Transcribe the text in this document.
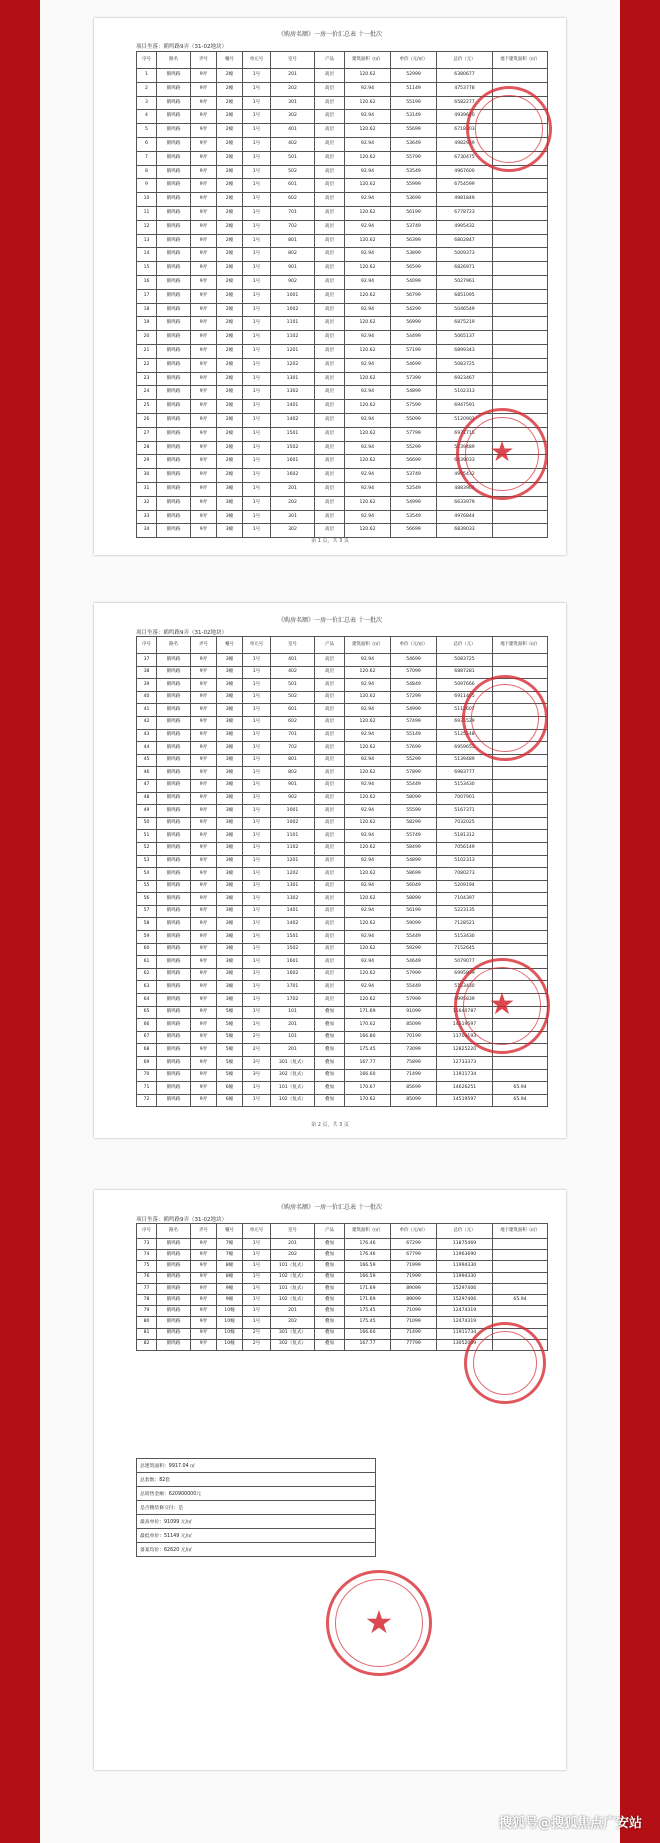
《购房名额》一房一价汇总表 十一批次
项目坐落：鹤鸣路9弄（31-02地块）
序号	路名	弄号	幢号	单元号	室号	产品	建筑面积（㎡）	单价（元/㎡）	总价（元）	地下建筑面积（㎡）
1	鹤鸣路	9弄	2幢	1号	201	高层	120.62	52999	6380677	
2	鹤鸣路	9弄	2幢	1号	202	高层	92.94	51149	4753778	
3	鹤鸣路	9弄	2幢	1号	301	高层	120.62	55199	6582277	
4	鹤鸣路	9弄	2幢	1号	302	高层	92.94	53149	4939640	
5	鹤鸣路	9弄	2幢	1号	401	高层	120.62	55699	6718303	
6	鹤鸣路	9弄	2幢	1号	402	高层	92.94	53649	4982939	
7	鹤鸣路	9弄	2幢	1号	501	高层	120.62	55799	6730475	
8	鹤鸣路	9弄	2幢	1号	502	高层	92.94	53549	4967600	
9	鹤鸣路	9弄	2幢	1号	601	高层	120.62	55999	6754599	
10	鹤鸣路	9弄	2幢	1号	602	高层	92.94	53699	4981849	
11	鹤鸣路	9弄	2幢	1号	701	高层	120.62	56199	6778723	
12	鹤鸣路	9弄	2幢	1号	702	高层	92.94	53749	4995432	
13	鹤鸣路	9弄	2幢	1号	801	高层	120.62	56399	6802847	
14	鹤鸣路	9弄	2幢	1号	802	高层	92.94	53899	5009373	
15	鹤鸣路	9弄	2幢	1号	901	高层	120.62	56599	6826971	
16	鹤鸣路	9弄	2幢	1号	902	高层	92.94	54099	5027961	
17	鹤鸣路	9弄	2幢	1号	1001	高层	120.62	56799	6851095	
18	鹤鸣路	9弄	2幢	1号	1002	高层	92.94	54299	5046549	
19	鹤鸣路	9弄	2幢	1号	1101	高层	120.62	56999	6875219	
20	鹤鸣路	9弄	2幢	1号	1102	高层	92.94	54499	5065137	
21	鹤鸣路	9弄	2幢	1号	1201	高层	120.62	57199	6899343	
22	鹤鸣路	9弄	2幢	1号	1202	高层	92.94	54699	5083725	
23	鹤鸣路	9弄	2幢	1号	1301	高层	120.62	57399	6923467	
24	鹤鸣路	9弄	2幢	1号	1302	高层	92.94	54899	5102313	
25	鹤鸣路	9弄	2幢	1号	1401	高层	120.62	57599	6947591	
26	鹤鸣路	9弄	2幢	1号	1402	高层	92.94	55099	5120901	
27	鹤鸣路	9弄	2幢	1号	1501	高层	120.62	57799	6971715	
28	鹤鸣路	9弄	2幢	1号	1502	高层	92.94	55299	5139489	
29	鹤鸣路	9弄	2幢	1号	1601	高层	120.62	56699	6839033	
30	鹤鸣路	9弄	2幢	1号	1602	高层	92.94	53749	4995432	
31	鹤鸣路	9弄	3幢	1号	201	高层	92.94	52549	4883904	
32	鹤鸣路	9弄	3幢	1号	202	高层	120.62	54999	6633979	
33	鹤鸣路	9弄	3幢	1号	301	高层	92.94	53549	4976844	
34	鹤鸣路	9弄	3幢	1号	302	高层	120.62	56699	6839033	
第 1 页，共 3 页
★
《购房名额》一房一价汇总表 十一批次
项目坐落：鹤鸣路9弄（31-02地块）
序号	路名	弄号	幢号	单元号	室号	产品	建筑面积（㎡）	单价（元/㎡）	总价（元）	地下建筑面积（㎡）
37	鹤鸣路	9弄	3幢	1号	401	高层	92.94	54699	5083725	
38	鹤鸣路	9弄	3幢	1号	402	高层	120.62	57099	6887281	
39	鹤鸣路	9弄	3幢	1号	501	高层	92.94	54849	5097666	
40	鹤鸣路	9弄	3幢	1号	502	高层	120.62	57299	6911405	
41	鹤鸣路	9弄	3幢	1号	601	高层	92.94	54999	5111607	
42	鹤鸣路	9弄	3幢	1号	602	高层	120.62	57499	6935529	
43	鹤鸣路	9弄	3幢	1号	701	高层	92.94	55149	5125548	
44	鹤鸣路	9弄	3幢	1号	702	高层	120.62	57699	6959653	
45	鹤鸣路	9弄	3幢	1号	801	高层	92.94	55299	5139489	
46	鹤鸣路	9弄	3幢	1号	802	高层	120.62	57899	6983777	
47	鹤鸣路	9弄	3幢	1号	901	高层	92.94	55449	5153430	
48	鹤鸣路	9弄	3幢	1号	902	高层	120.62	58099	7007901	
49	鹤鸣路	9弄	3幢	1号	1001	高层	92.94	55599	5167371	
50	鹤鸣路	9弄	3幢	1号	1002	高层	120.62	58299	7032025	
51	鹤鸣路	9弄	3幢	1号	1101	高层	92.94	55749	5181312	
52	鹤鸣路	9弄	3幢	1号	1102	高层	120.62	58499	7056149	
53	鹤鸣路	9弄	3幢	1号	1201	高层	92.94	54899	5102313	
54	鹤鸣路	9弄	3幢	1号	1202	高层	120.62	58699	7080273	
55	鹤鸣路	9弄	3幢	1号	1301	高层	92.94	56049	5209194	
56	鹤鸣路	9弄	3幢	1号	1302	高层	120.62	58899	7104397	
57	鹤鸣路	9弄	3幢	1号	1401	高层	92.94	56199	5223135	
58	鹤鸣路	9弄	3幢	1号	1402	高层	120.62	59099	7128521	
59	鹤鸣路	9弄	3幢	1号	1501	高层	92.94	55449	5153430	
60	鹤鸣路	9弄	3幢	1号	1502	高层	120.62	59299	7152645	
61	鹤鸣路	9弄	3幢	1号	1601	高层	92.94	54649	5079077	
62	鹤鸣路	9弄	3幢	1号	1602	高层	120.62	57999	6995839	
63	鹤鸣路	9弄	3幢	1号	1701	高层	92.94	55449	5153430	
64	鹤鸣路	9弄	3幢	1号	1702	高层	120.62	57999	6995839	
65	鹤鸣路	9弄	5幢	1号	101	叠加	171.69	91099	15640787	
66	鹤鸣路	9弄	5幢	1号	201	叠加	170.62	85099	14519597	
67	鹤鸣路	9弄	5幢	2号	101	叠加	166.80	70199	11709193	
68	鹤鸣路	9弄	5幢	2号	201	叠加	175.45	73099	12825220	
69	鹤鸣路	9弄	5幢	3号	301（复式）	叠加	167.77	75899	12733373	
70	鹤鸣路	9弄	5幢	3号	302（复式）	叠加	166.60	71499	11911734	
71	鹤鸣路	9弄	6幢	1号	101（复式）	叠加	170.67	85699	14626251	65.94
72	鹤鸣路	9弄	6幢	1号	102（复式）	叠加	170.62	85099	14519597	65.94
第 2 页，共 3 页
★
《购房名额》一房一价汇总表 十一批次
项目坐落：鹤鸣路9弄（31-02地块）
序号	路名	弄号	幢号	单元号	室号	产品	建筑面积（㎡）	单价（元/㎡）	总价（元）	地下建筑面积（㎡）
73	鹤鸣路	9弄	7幢	1号	201	叠加	176.46	67299	11875469	
74	鹤鸣路	9弄	7幢	1号	202	叠加	176.46	67799	11963690	
75	鹤鸣路	9弄	8幢	1号	101（复式）	叠加	166.59	71999	11994330	
76	鹤鸣路	9弄	8幢	1号	102（复式）	叠加	166.59	71999	11994330	
77	鹤鸣路	9弄	9幢	1号	101（复式）	叠加	171.69	89099	15297406	
78	鹤鸣路	9弄	9幢	1号	102（复式）	叠加	171.69	89099	15297406	65.94
79	鹤鸣路	9弄	10幢	1号	201	叠加	175.45	71099	12474319	
80	鹤鸣路	9弄	10幢	1号	202	叠加	175.45	71099	12474319	
81	鹤鸣路	9弄	10幢	2号	301（复式）	叠加	166.60	71499	11911734	
82	鹤鸣路	9弄	10幢	2号	302（复式）	叠加	167.77	77799	13052039	
总建筑面积：9917.04 ㎡
总套数：82套
总销售金额：620900000元
是否精装修交付：是
最高单价：91099 元/㎡
最低单价：51149 元/㎡
备案均价：62620 元/㎡
★
搜狐号@搜狐焦点广安站
